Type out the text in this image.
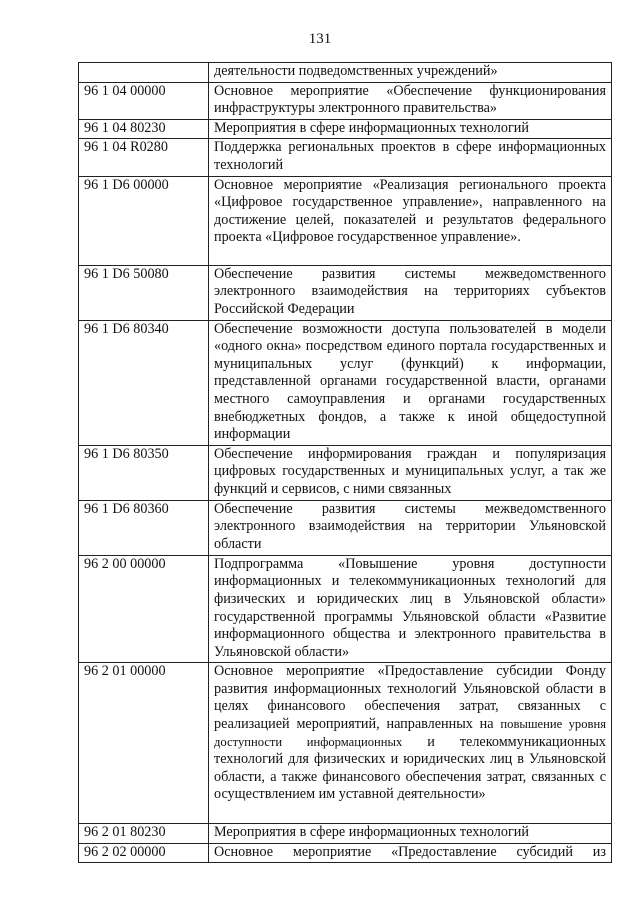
131
	деятельности подведомственных учреждений»
96 1 04 00000	Основное мероприятие «Обеспечение функционирования инфраструктуры электронного правительства»
96 1 04 80230	Мероприятия в сфере информационных технологий
96 1 04 R0280	Поддержка региональных проектов в сфере информационных технологий
96 1 D6 00000	Основное мероприятие «Реализация регионального проекта «Цифровое государственное управление», направленного на достижение целей, показателей и результатов федерального проекта «Цифровое государственное управление».
96 1 D6 50080	Обеспечение развития системы межведомственного электронного взаимодействия на территориях субъектов Российской Федерации
96 1 D6 80340	Обеспечение возможности доступа пользователей в модели «одного окна» посредством единого портала государственных и муниципальных услуг (функций) к информации, представленной органами государственной власти, органами местного самоуправления и органами государственных внебюджетных фондов, а также к иной общедоступной информации
96 1 D6 80350	Обеспечение информирования граждан и популяризация цифровых государственных и муниципальных услуг, а так же функций и сервисов, с ними связанных
96 1 D6 80360	Обеспечение развития системы межведомственного электронного взаимодействия на территории Ульяновской области
96 2 00 00000	Подпрограмма «Повышение уровня доступности информационных и телекоммуникационных технологий для физических и юридических лиц в Ульяновской области» государственной программы Ульяновской области «Развитие информационного общества и электронного правительства в Ульяновской области»
96 2 01 00000	Основное мероприятие «Предоставление субсидии Фонду развития информационных технологий Ульяновской области в целях финансового обеспечения затрат, связанных с реализацией мероприятий, направленных на повышение уровня доступности информационных и телекоммуникационных технологий для физических и юридических лиц в Ульяновской области, а также финансового обеспечения затрат, связанных с осуществлением им уставной деятельности»
96 2 01 80230	Мероприятия в сфере информационных технологий
96 2 02 00000	Основное мероприятие «Предоставление субсидий из
